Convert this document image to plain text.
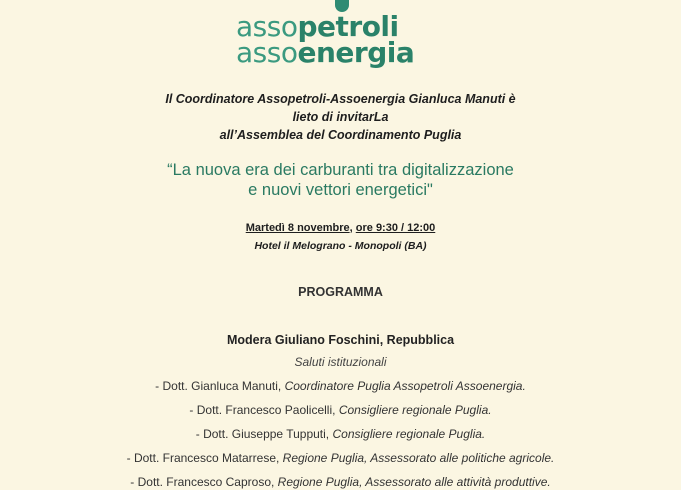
assopetroli
assoenergia
Il Coordinatore Assopetroli-Assoenergia Gianluca Manuti è
lieto di invitarLa
all’Assemblea del Coordinamento Puglia
“La nuova era dei carburanti tra digitalizzazione
e nuovi vettori energetici"
Martedì 8 novembre, ore 9:30 / 12:00
Hotel il Melograno - Monopoli (BA)
PROGRAMMA
Modera Giuliano Foschini, Repubblica
Saluti istituzionali
- Dott. Gianluca Manuti, Coordinatore Puglia Assopetroli Assoenergia.
- Dott. Francesco Paolicelli, Consigliere regionale Puglia.
- Dott. Giuseppe Tupputi, Consigliere regionale Puglia.
- Dott. Francesco Matarrese, Regione Puglia, Assessorato alle politiche agricole.
- Dott. Francesco Caproso, Regione Puglia, Assessorato alle attività produttive.
